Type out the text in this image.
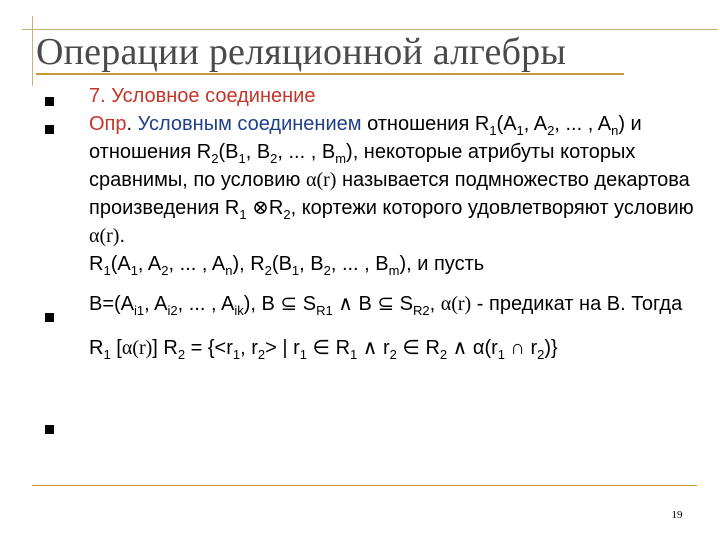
Операции реляционной алгебры

7. Условное соединение

Опр. Условным соединением отношения $R_1(A_1$, $A_2$, ... , $A_n$) и отношения $R_2(B_1$, $B_2$, ... , $B_m$), некоторые атрибуты которых сравнимы, по условию α(r) называется подмножество декартова произведения $R_1$ $\otimes R_2$, кортежи которого удовлетворяют условию α(r).

$R_1(A_1$, $A_2$, ... , $A_n$), $R_2(B_1$, $B_2$, ... , $B_m$), и пусть

$B=(A_{i1}$, $A_{i2}$, ... , $A_{ik}$), B ⊆ $S_{R1}$ ∧ B ⊆ $S_{R2}$, α(r) - предикат на B. Тогда

$R_1$ [α(r)] $R_2 = \{<r_1$, $r_2>$ | $r_1$ ∈ $R_1$ ∧ $r_2$ ∈ $R_2$ ∧ $\alpha(r_1$ ∩ $r_2$)}

19
